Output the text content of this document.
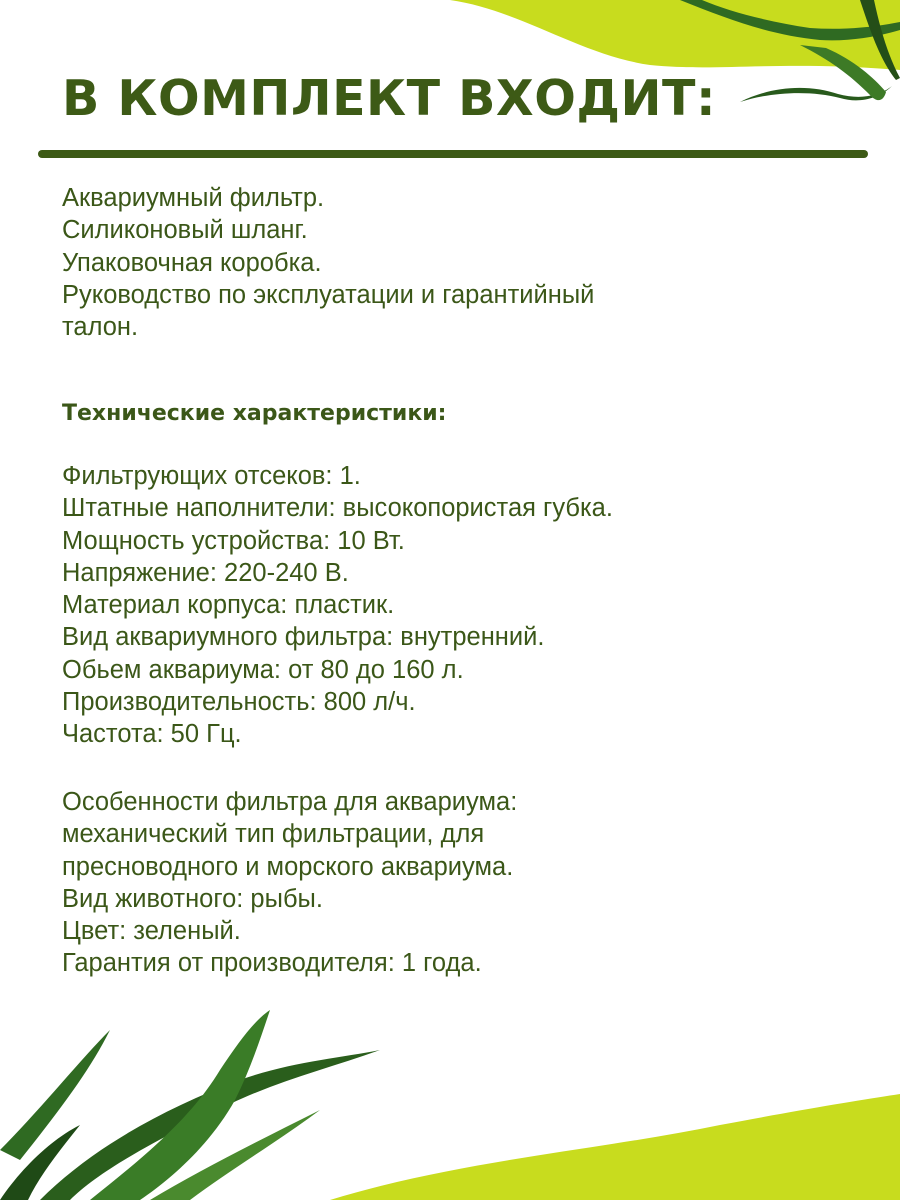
В КОМПЛЕКТ ВХОДИТ:

Аквариумный фильтр.

Силиконовый шланг.

Упаковочная коробка.

Руководство по эксплуатации и гарантийный

талон.

Технические характеристики:

Фильтрующих отсеков: 1.

Штатные наполнители: высокопористая губка.

Мощность устройства: 10 Вт.

Напряжение: 220-240 В.

Материал корпуса: пластик.

Вид аквариумного фильтра: внутренний.

Обьем аквариума: от 80 до 160 л.

Производительность: 800 л/ч.

Частота: 50 Гц.

Особенности фильтра для аквариума:

механический тип фильтрации, для

пресноводного и морского аквариума.

Вид животного: рыбы.

Цвет: зеленый.

Гарантия от производителя: 1 года.
